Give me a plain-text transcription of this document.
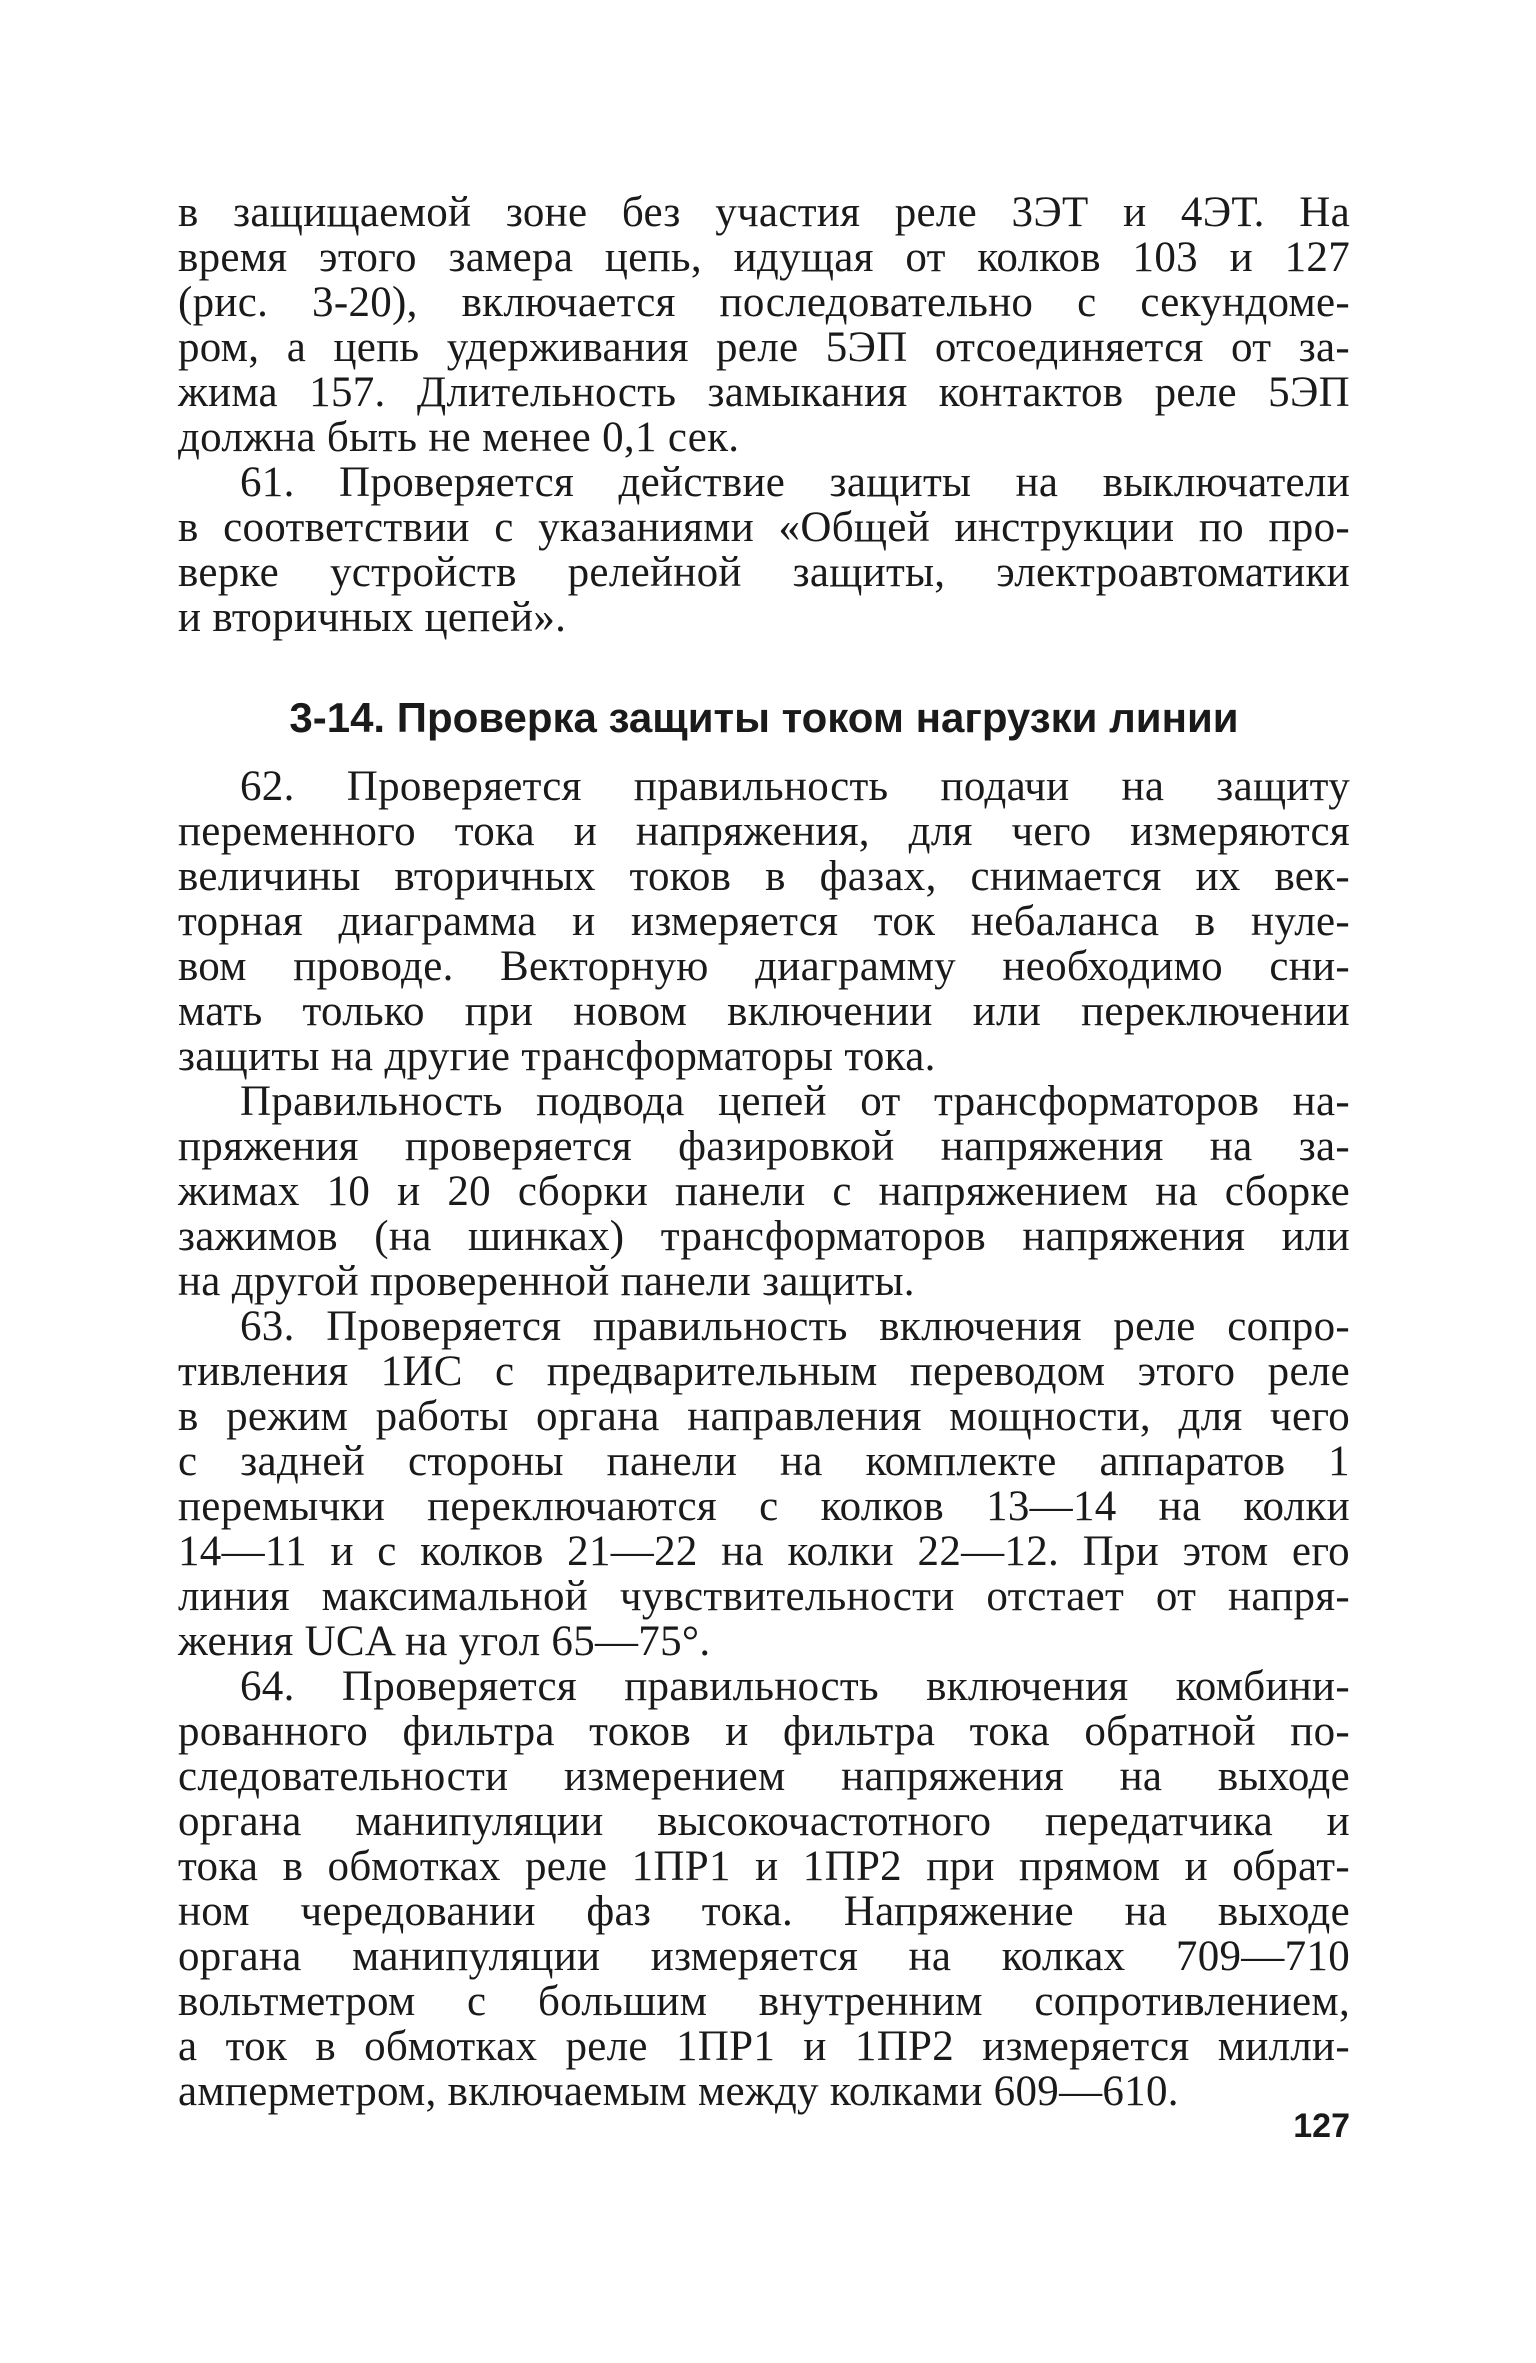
в защищаемой зоне без участия реле 3ЭТ и 4ЭТ. На
время этого замера цепь, идущая от колков 103 и 127
(рис. 3-20), включается последовательно с секундоме-
ром, а цепь удерживания реле 5ЭП отсоединяется от за-
жима 157. Длительность замыкания контактов реле 5ЭП
должна быть не менее 0,1 сек.
61. Проверяется действие защиты на выключатели
в соответствии с указаниями «Общей инструкции по про-
верке устройств релейной защиты, электроавтоматики
и вторичных цепей».
3-14. Проверка защиты током нагрузки линии
62. Проверяется правильность подачи на защиту
переменного тока и напряжения, для чего измеряются
величины вторичных токов в фазах, снимается их век-
торная диаграмма и измеряется ток небаланса в нуле-
вом проводе. Векторную диаграмму необходимо сни-
мать только при новом включении или переключении
защиты на другие трансформаторы тока.
Правильность подвода цепей от трансформаторов на-
пряжения проверяется фазировкой напряжения на за-
жимах 10 и 20 сборки панели с напряжением на сборке
зажимов (на шинках) трансформаторов напряжения или
на другой проверенной панели защиты.
63. Проверяется правильность включения реле сопро-
тивления 1ИС с предварительным переводом этого реле
в режим работы органа направления мощности, для чего
с задней стороны панели на комплекте аппаратов 1
перемычки переключаются с колков 13—14 на колки
14—11 и с колков 21—22 на колки 22—12. При этом его
линия максимальной чувствительности отстает от напря-
жения UCA на угол 65—75°.
64. Проверяется правильность включения комбини-
рованного фильтра токов и фильтра тока обратной по-
следовательности измерением напряжения на выходе
органа манипуляции высокочастотного передатчика и
тока в обмотках реле 1ПР1 и 1ПР2 при прямом и обрат-
ном чередовании фаз тока. Напряжение на выходе
органа манипуляции измеряется на колках 709—710
вольтметром с большим внутренним сопротивлением,
а ток в обмотках реле 1ПР1 и 1ПР2 измеряется милли-
амперметром, включаемым между колками 609—610.
127
